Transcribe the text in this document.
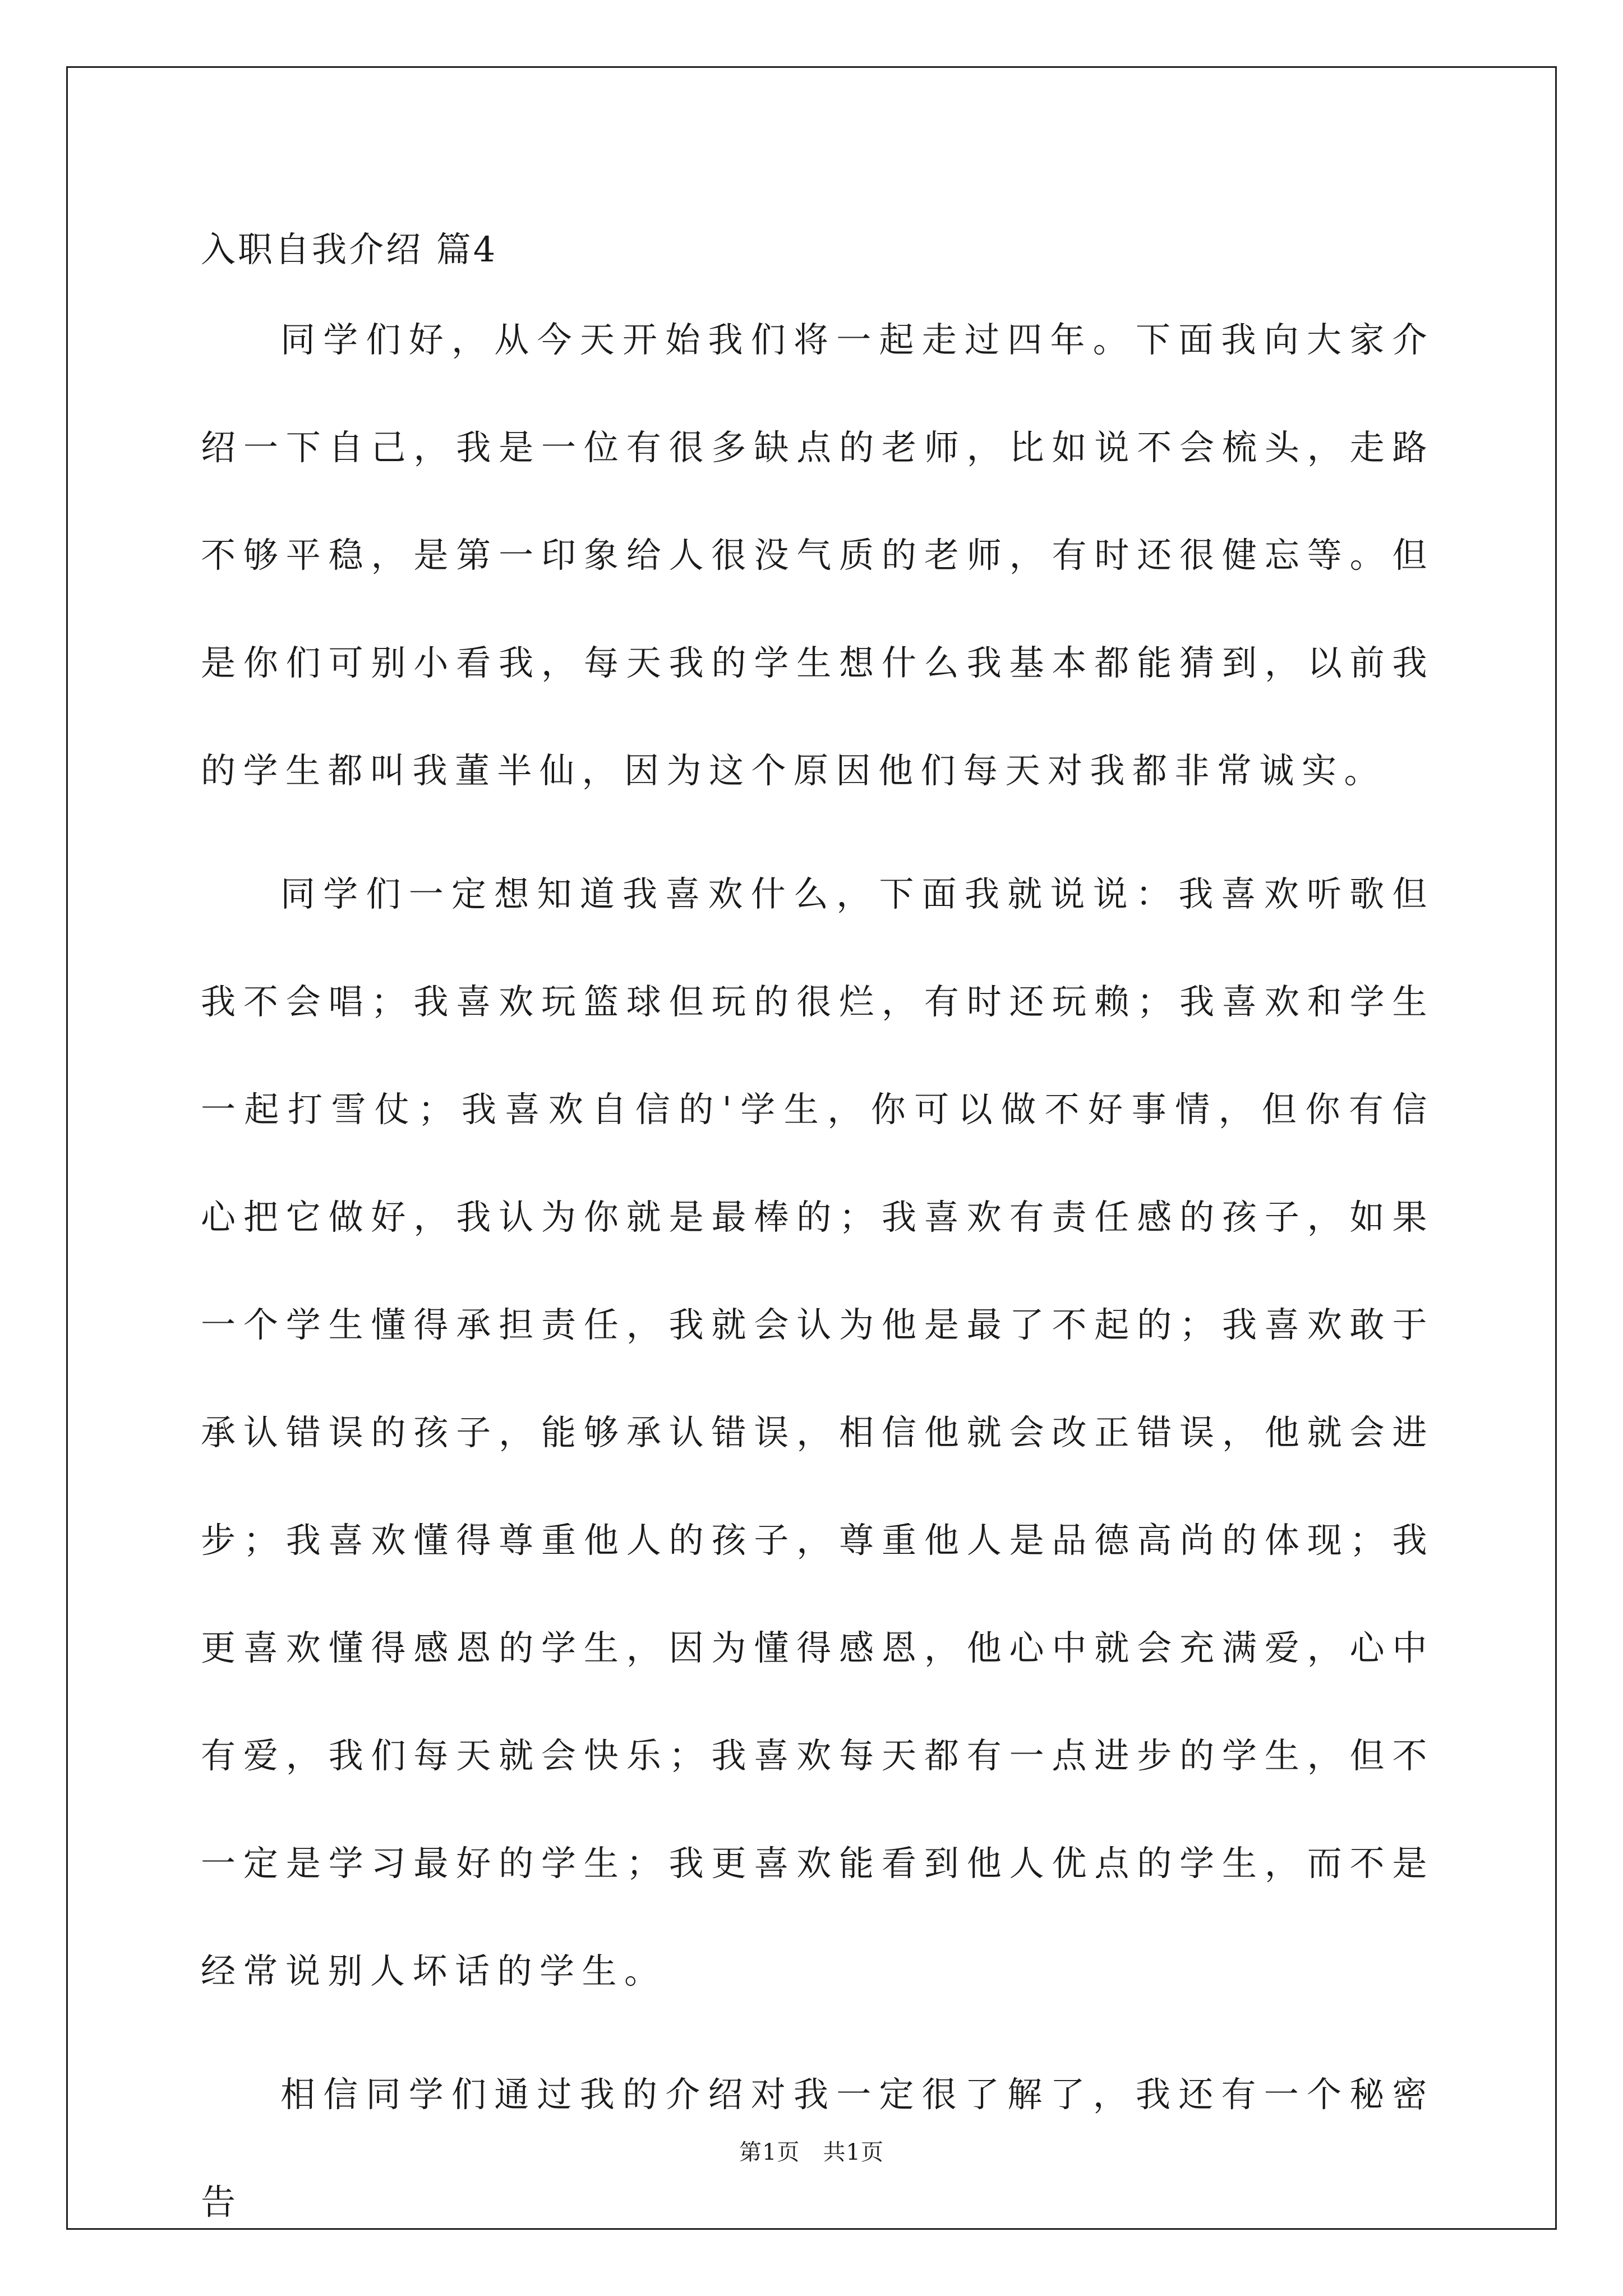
入职自我介绍 篇4

同学们好，从今天开始我们将一起走过四年。下面我向大家介绍一下自己，我是一位有很多缺点的老师，比如说不会梳头，走路不够平稳，是第一印象给人很没气质的老师，有时还很健忘等。但是你们可别小看我，每天我的学生想什么我基本都能猜到，以前我的学生都叫我董半仙，因为这个原因他们每天对我都非常诚实。

同学们一定想知道我喜欢什么，下面我就说说：我喜欢听歌但我不会唱；我喜欢玩篮球但玩的很烂，有时还玩赖；我喜欢和学生一起打雪仗；我喜欢自信的'学生，你可以做不好事情，但你有信心把它做好，我认为你就是最棒的；我喜欢有责任感的孩子，如果一个学生懂得承担责任，我就会认为他是最了不起的；我喜欢敢于承认错误的孩子，能够承认错误，相信他就会改正错误，他就会进步；我喜欢懂得尊重他人的孩子，尊重他人是品德高尚的体现；我更喜欢懂得感恩的学生，因为懂得感恩，他心中就会充满爱，心中有爱，我们每天就会快乐；我喜欢每天都有一点进步的学生，但不一定是学习最好的学生；我更喜欢能看到他人优点的学生，而不是经常说别人坏话的学生。

相信同学们通过我的介绍对我一定很了解了，我还有一个秘密告

第1页   共1页
